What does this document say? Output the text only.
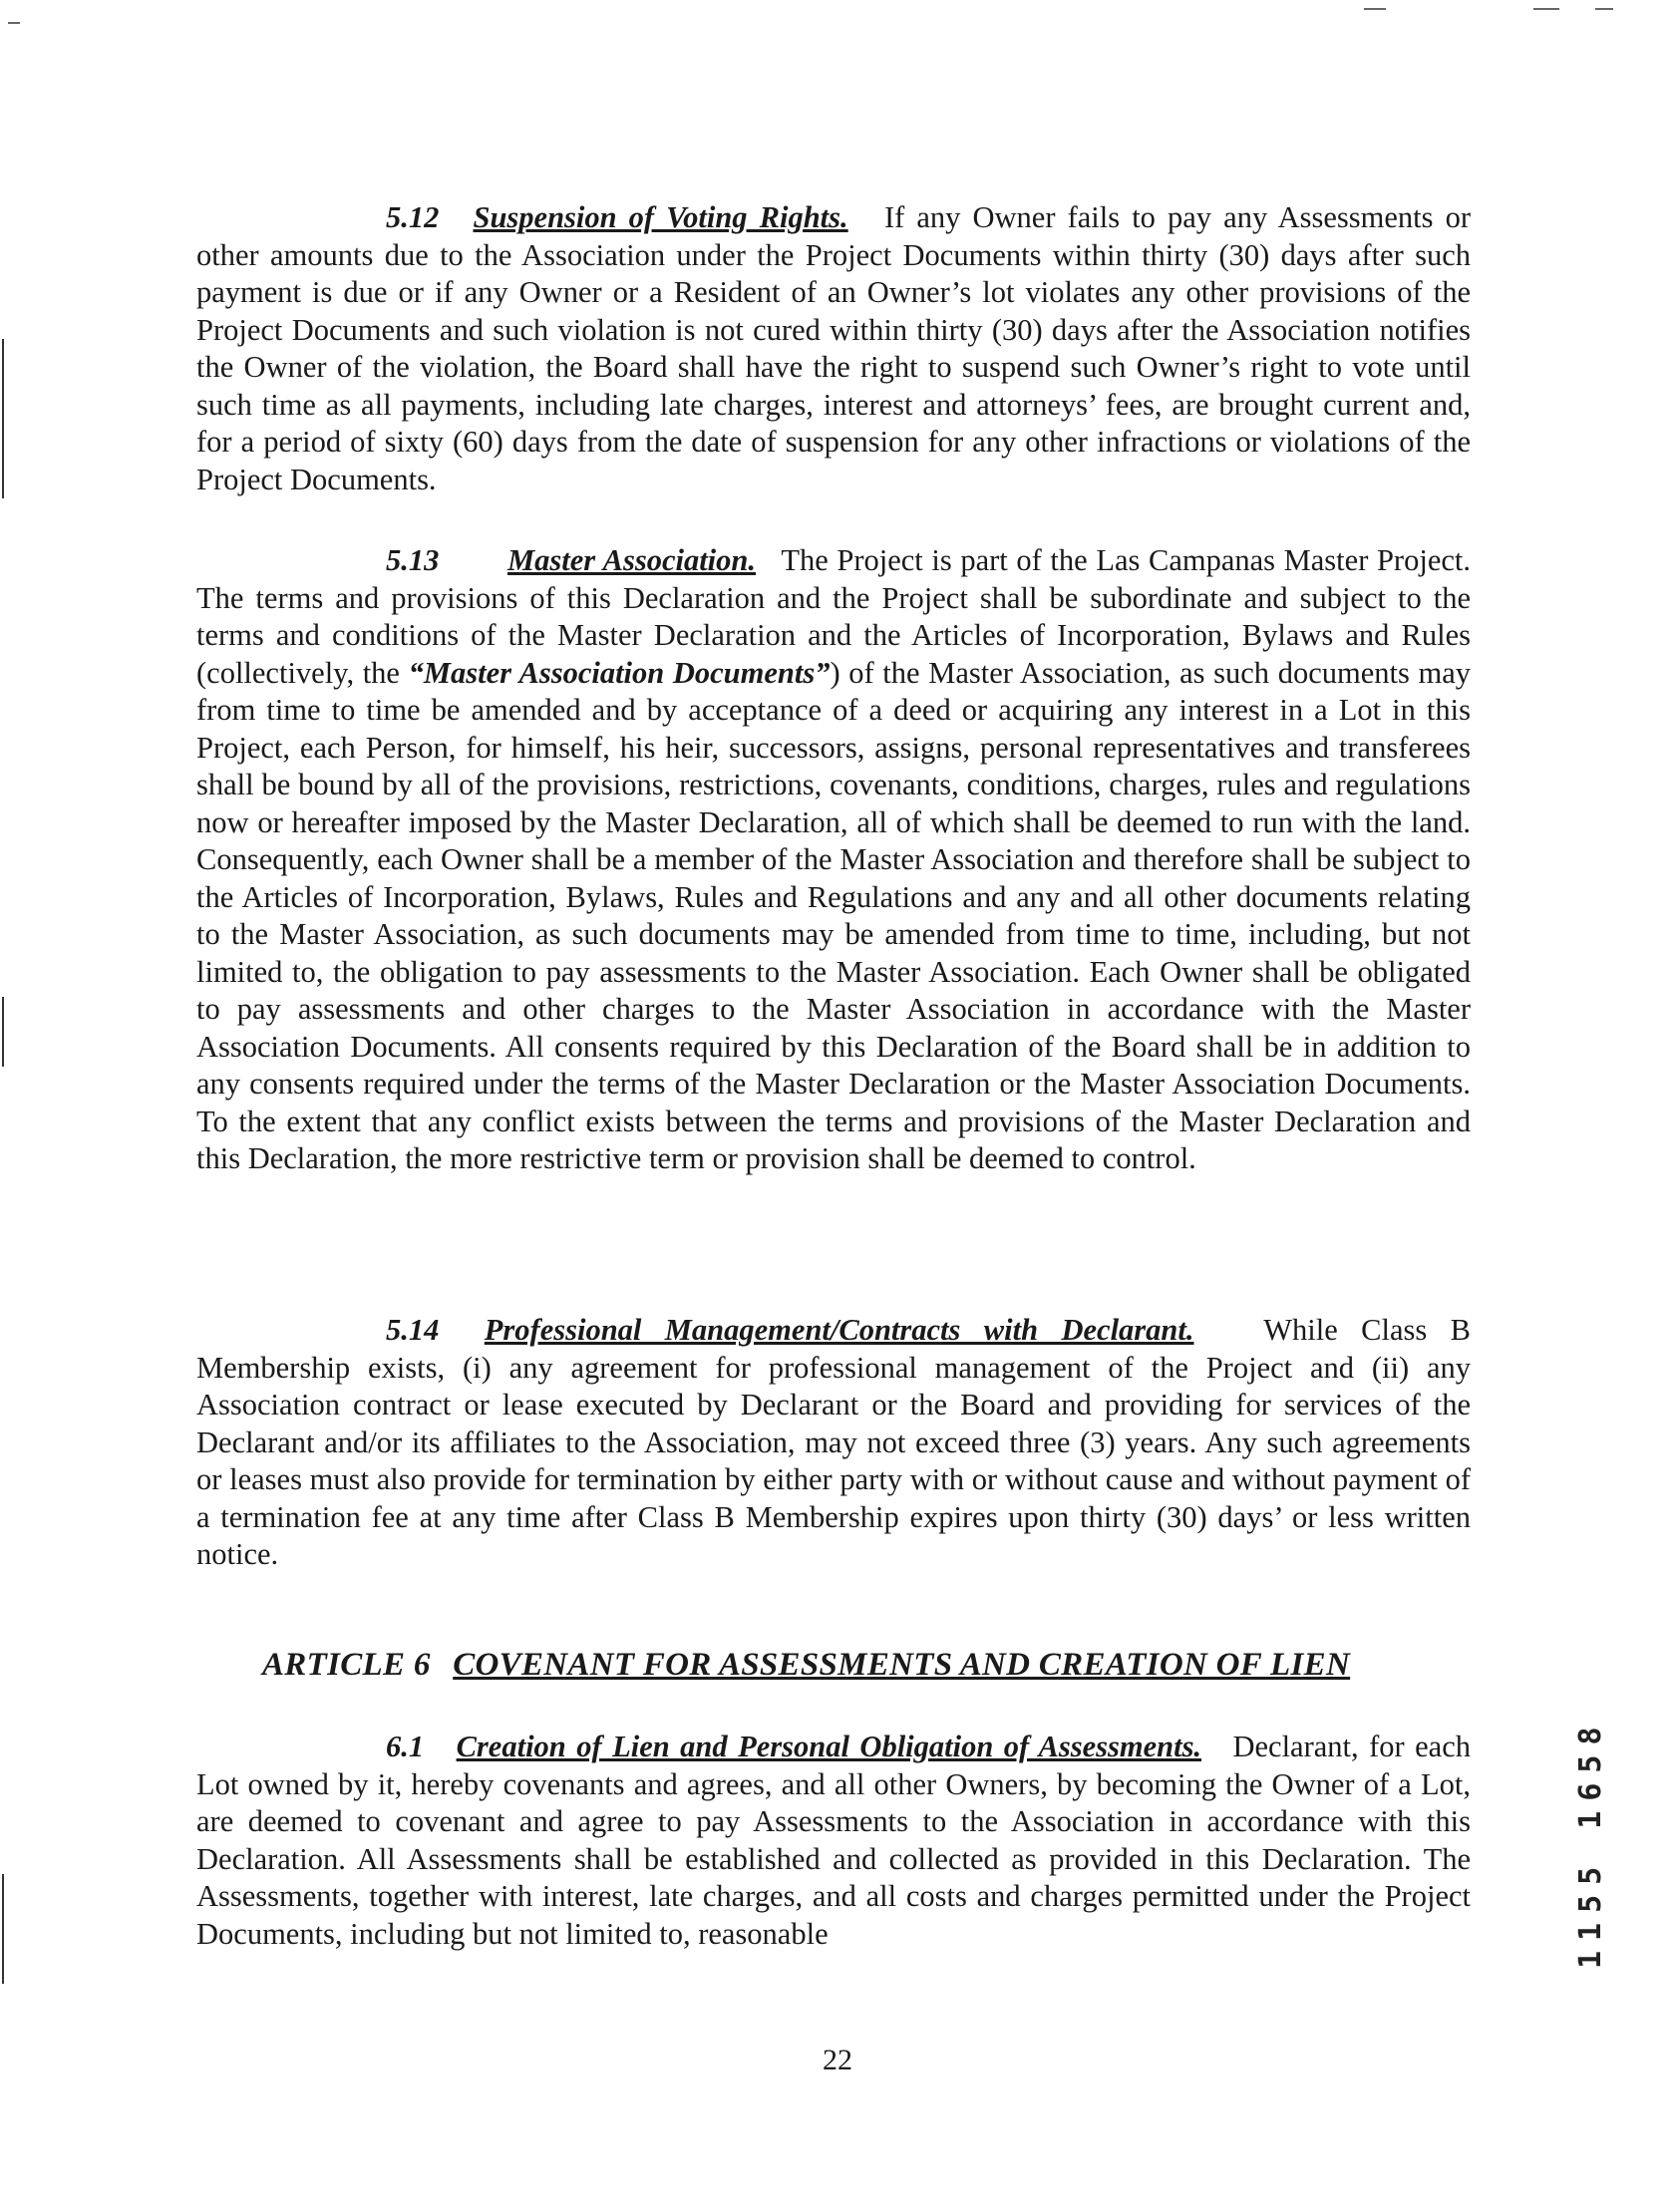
5.12 Suspension of Voting Rights. If any Owner fails to pay any Assessments or other amounts due to the Association under the Project Documents within thirty (30) days after such payment is due or if any Owner or a Resident of an Owner’s lot violates any other provisions of the Project Documents and such violation is not cured within thirty (30) days after the Association notifies the Owner of the violation, the Board shall have the right to suspend such Owner’s right to vote until such time as all payments, including late charges, interest and attorneys’ fees, are brought current and, for a period of sixty (60) days from the date of suspension for any other infractions or violations of the Project Documents.

5.13 Master Association. The Project is part of the Las Campanas Master Project. The terms and provisions of this Declaration and the Project shall be subordinate and subject to the terms and conditions of the Master Declaration and the Articles of Incorporation, Bylaws and Rules (collectively, the “Master Association Documents”) of the Master Association, as such documents may from time to time be amended and by acceptance of a deed or acquiring any interest in a Lot in this Project, each Person, for himself, his heir, successors, assigns, personal representatives and transferees shall be bound by all of the provisions, restrictions, covenants, conditions, charges, rules and regulations now or hereafter imposed by the Master Declaration, all of which shall be deemed to run with the land. Consequently, each Owner shall be a member of the Master Association and therefore shall be subject to the Articles of Incorporation, Bylaws, Rules and Regulations and any and all other documents relating to the Master Association, as such documents may be amended from time to time, including, but not limited to, the obligation to pay assessments to the Master Association. Each Owner shall be obligated to pay assessments and other charges to the Master Association in accordance with the Master Association Documents. All consents required by this Declaration of the Board shall be in addition to any consents required under the terms of the Master Declaration or the Master Association Documents. To the extent that any conflict exists between the terms and provisions of the Master Declaration and this Declaration, the more restrictive term or provision shall be deemed to control.

5.14 Professional Management/Contracts with Declarant. While Class B Membership exists, (i) any agreement for professional management of the Project and (ii) any Association contract or lease executed by Declarant or the Board and providing for services of the Declarant and/or its affiliates to the Association, may not exceed three (3) years. Any such agreements or leases must also provide for termination by either party with or without cause and without payment of a termination fee at any time after Class B Membership expires upon thirty (30) days’ or less written notice.

ARTICLE 6 COVENANT FOR ASSESSMENTS AND CREATION OF LIEN

6.1 Creation of Lien and Personal Obligation of Assessments. Declarant, for each Lot owned by it, hereby covenants and agrees, and all other Owners, by becoming the Owner of a Lot, are deemed to covenant and agree to pay Assessments to the Association in accordance with this Declaration. All Assessments shall be established and collected as provided in this Declaration. The Assessments, together with interest, late charges, and all costs and charges permitted under the Project Documents, including but not limited to, reasonable

22
1155 1658
